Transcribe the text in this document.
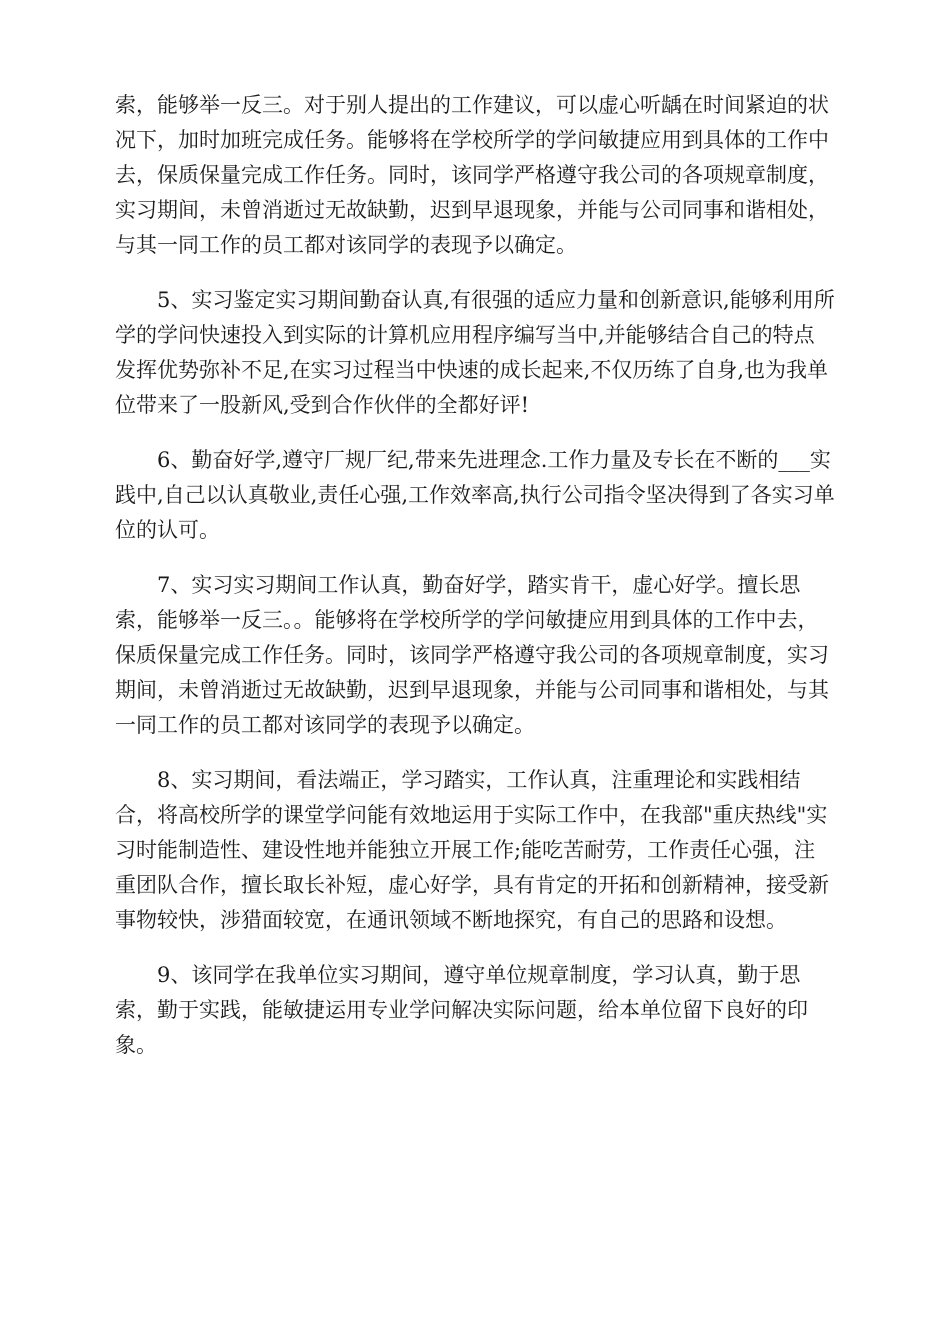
索，能够举一反三。对于别人提出的工作建议，可以虚心听龋在时间紧迫的状况下，加时加班完成任务。能够将在学校所学的学问敏捷应用到具体的工作中去，保质保量完成工作任务。同时，该同学严格遵守我公司的各项规章制度，实习期间，未曾消逝过无故缺勤，迟到早退现象，并能与公司同事和谐相处，与其一同工作的员工都对该同学的表现予以确定。

5、实习鉴定实习期间勤奋认真,有很强的适应力量和创新意识,能够利用所学的学问快速投入到实际的计算机应用程序编写当中,并能够结合自己的特点发挥优势弥补不足,在实习过程当中快速的成长起来,不仅历练了自身,也为我单位带来了一股新风,受到合作伙伴的全都好评!

6、勤奋好学,遵守厂规厂纪,带来先进理念.工作力量及专长在不断的___实践中,自己以认真敬业,责任心强,工作效率高,执行公司指令坚决得到了各实习单位的认可。

7、实习实习期间工作认真，勤奋好学，踏实肯干，虚心好学。擅长思索，能够举一反三。。能够将在学校所学的学问敏捷应用到具体的工作中去，保质保量完成工作任务。同时，该同学严格遵守我公司的各项规章制度，实习期间，未曾消逝过无故缺勤，迟到早退现象，并能与公司同事和谐相处，与其一同工作的员工都对该同学的表现予以确定。

8、实习期间，看法端正，学习踏实，工作认真，注重理论和实践相结合，将高校所学的课堂学问能有效地运用于实际工作中，在我部"重庆热线"实习时能制造性、建设性地并能独立开展工作;能吃苦耐劳，工作责任心强，注重团队合作，擅长取长补短，虚心好学，具有肯定的开拓和创新精神，接受新事物较快，涉猎面较宽，在通讯领域不断地探究，有自己的思路和设想。

9、该同学在我单位实习期间，遵守单位规章制度，学习认真，勤于思索，勤于实践，能敏捷运用专业学问解决实际问题，给本单位留下良好的印象。
